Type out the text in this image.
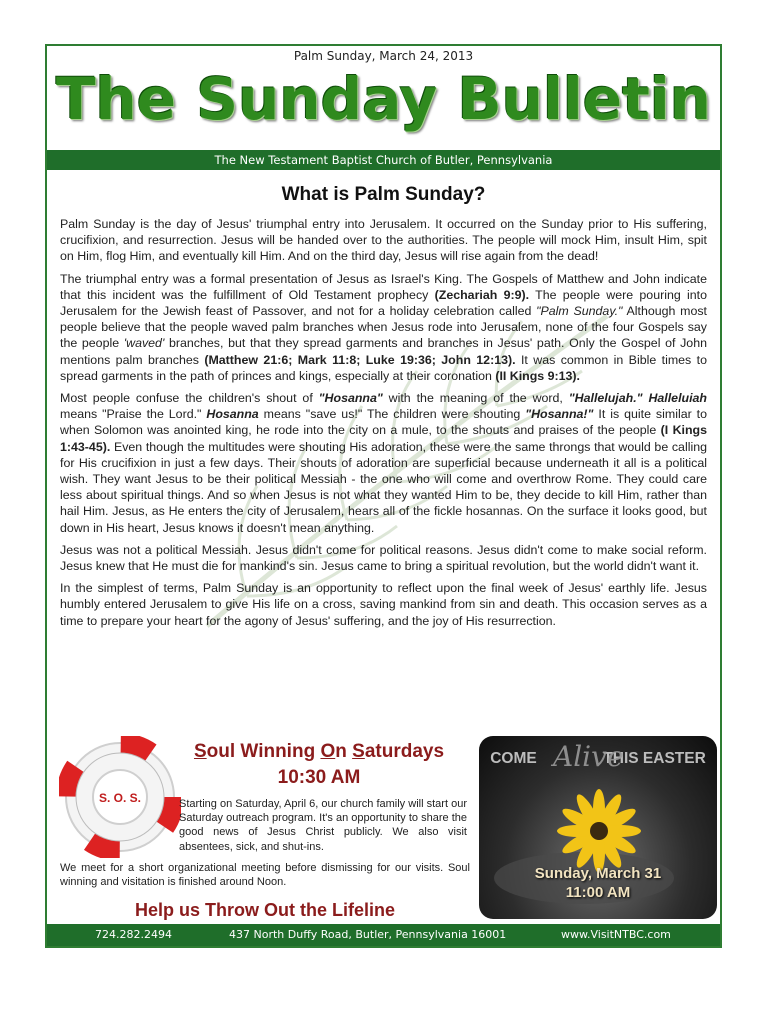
Palm Sunday, March 24, 2013
The Sunday Bulletin
The New Testament Baptist Church of Butler, Pennsylvania
What is Palm Sunday?

Palm Sunday is the day of Jesus' triumphal entry into Jerusalem. It occurred on the Sunday prior to His suffering, crucifixion, and resurrection. Jesus will be handed over to the authorities. The people will mock Him, insult Him, spit on Him, flog Him, and eventually kill Him. And on the third day, Jesus will rise again from the dead!

The triumphal entry was a formal presentation of Jesus as Israel's King. The Gospels of Matthew and John indicate that this incident was the fulfillment of Old Testament prophecy (Zechariah 9:9). The people were pouring into Jerusalem for the Jewish feast of Passover, and not for a holiday celebration called "Palm Sunday." Although most people believe that the people waved palm branches when Jesus rode into Jerusalem, none of the four Gospels say the people 'waved' branches, but that they spread garments and branches in Jesus' path. Only the Gospel of John mentions palm branches (Matthew 21:6; Mark 11:8; Luke 19:36; John 12:13). It was common in Bible times to spread garments in the path of princes and kings, especially at their coronation (II Kings 9:13).

Most people confuse the children's shout of "Hosanna" with the meaning of the word, "Hallelujah." Halleluiah means "Praise the Lord." Hosanna means "save us!" The children were shouting "Hosanna!" It is quite similar to when Solomon was anointed king, he rode into the city on a mule, to the shouts and praises of the people (I Kings 1:43-45). Even though the multitudes were shouting His adoration, these were the same throngs that would be calling for His crucifixion in just a few days. Their shouts of adoration are superficial because underneath it all is a political wish. They want Jesus to be their political Messiah - the one who will come and overthrow Rome. They could care less about spiritual things. And so when Jesus is not what they wanted Him to be, they decide to kill Him, rather than hail Him. Jesus, as He enters the city of Jerusalem, hears all of the fickle hosannas. On the surface it looks good, but down in His heart, Jesus knows it doesn't mean anything.

Jesus was not a political Messiah. Jesus didn't come for political reasons. Jesus didn't come to make social reform. Jesus knew that He must die for mankind's sin. Jesus came to bring a spiritual revolution, but the world didn't want it.

In the simplest of terms, Palm Sunday is an opportunity to reflect upon the final week of Jesus' earthly life. Jesus humbly entered Jerusalem to give His life on a cross, saving mankind from sin and death. This occasion serves as a time to prepare your heart for the agony of Jesus' suffering, and the joy of His resurrection.

S. O. S.
Soul Winning On Saturdays
10:30 AM
Starting on Saturday, April 6, our church family will start our Saturday outreach program. It's an opportunity to share the good news of Jesus Christ publicly. We also visit absentees, sick, and shut-ins.
We meet for a short organizational meeting before dismissing for our visits. Soul winning and visitation is finished around Noon.
Help us Throw Out the Lifeline
COME	THIS EASTER
Alive
Sunday, March 31
11:00 AM
724.282.2494	437 North Duffy Road, Butler, Pennsylvania 16001	www.VisitNTBC.com
